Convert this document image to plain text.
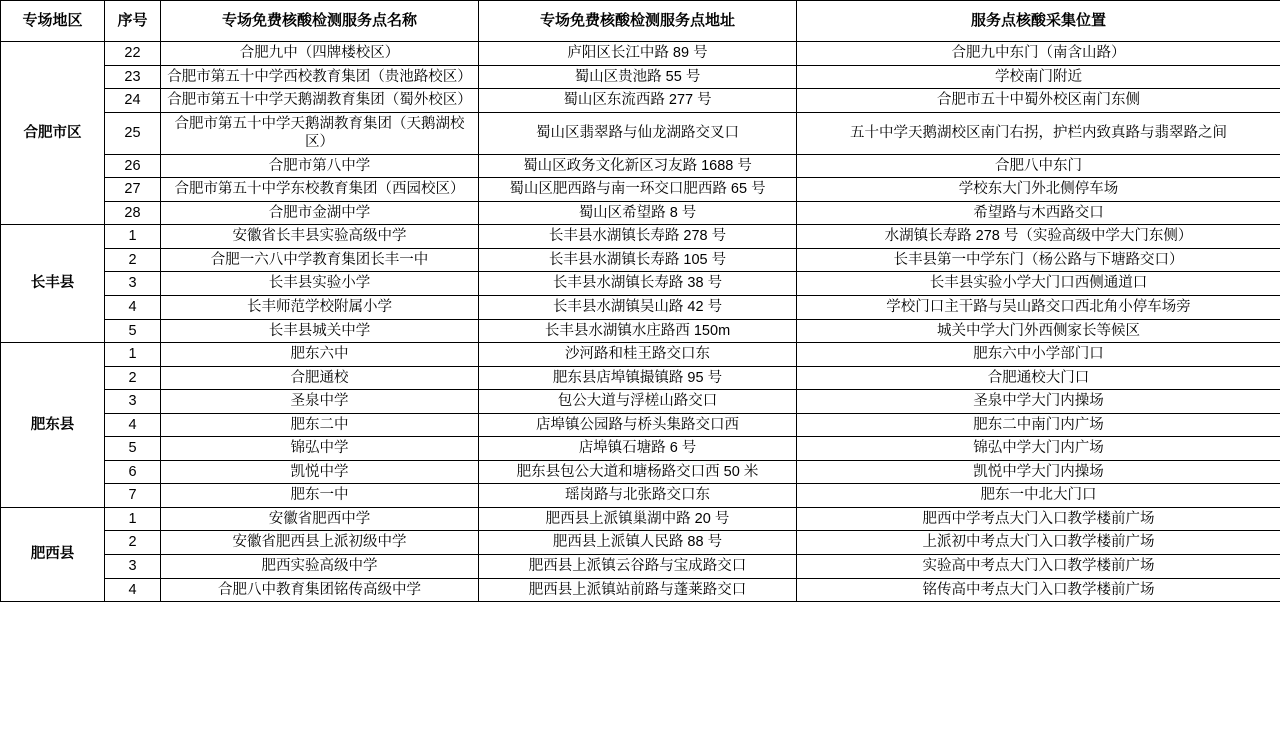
专场地区	序号	专场免费核酸检测服务点名称	专场免费核酸检测服务点地址	服务点核酸采集位置
合肥市区	22	合肥九中（四牌楼校区）	庐阳区长江中路 89 号	合肥九中东门（南含山路）
	23	合肥市第五十中学西校教育集团（贵池路校区）	蜀山区贵池路 55 号	学校南门附近
	24	合肥市第五十中学天鹅湖教育集团（蜀外校区）	蜀山区东流西路 277 号	合肥市五十中蜀外校区南门东侧
	25	合肥市第五十中学天鹅湖教育集团（天鹅湖校区）	蜀山区翡翠路与仙龙湖路交叉口	五十中学天鹅湖校区南门右拐，护栏内致真路与翡翠路之间
	26	合肥市第八中学	蜀山区政务文化新区习友路 1688 号	合肥八中东门
	27	合肥市第五十中学东校教育集团（西园校区）	蜀山区肥西路与南一环交口肥西路 65 号	学校东大门外北侧停车场
	28	合肥市金湖中学	蜀山区希望路 8 号	希望路与木西路交口
长丰县	1	安徽省长丰县实验高级中学	长丰县水湖镇长寿路 278 号	水湖镇长寿路 278 号（实验高级中学大门东侧）
	2	合肥一六八中学教育集团长丰一中	长丰县水湖镇长寿路 105 号	长丰县第一中学东门（杨公路与下塘路交口）
	3	长丰县实验小学	长丰县水湖镇长寿路 38 号	长丰县实验小学大门口西侧通道口
	4	长丰师范学校附属小学	长丰县水湖镇吴山路 42 号	学校门口主干路与吴山路交口西北角小停车场旁
	5	长丰县城关中学	长丰县水湖镇水庄路西 150m	城关中学大门外西侧家长等候区
肥东县	1	肥东六中	沙河路和桂王路交口东	肥东六中小学部门口
	2	合肥通校	肥东县店埠镇撮镇路 95 号	合肥通校大门口
	3	圣泉中学	包公大道与浮槎山路交口	圣泉中学大门内操场
	4	肥东二中	店埠镇公园路与桥头集路交口西	肥东二中南门内广场
	5	锦弘中学	店埠镇石塘路 6 号	锦弘中学大门内广场
	6	凯悦中学	肥东县包公大道和塘杨路交口西 50 米	凯悦中学大门内操场
	7	肥东一中	瑶岗路与北张路交口东	肥东一中北大门口
肥西县	1	安徽省肥西中学	肥西县上派镇巢湖中路 20 号	肥西中学考点大门入口教学楼前广场
	2	安徽省肥西县上派初级中学	肥西县上派镇人民路 88 号	上派初中考点大门入口教学楼前广场
	3	肥西实验高级中学	肥西县上派镇云谷路与宝成路交口	实验高中考点大门入口教学楼前广场
	4	合肥八中教育集团铭传高级中学	肥西县上派镇站前路与蓬莱路交口	铭传高中考点大门入口教学楼前广场
